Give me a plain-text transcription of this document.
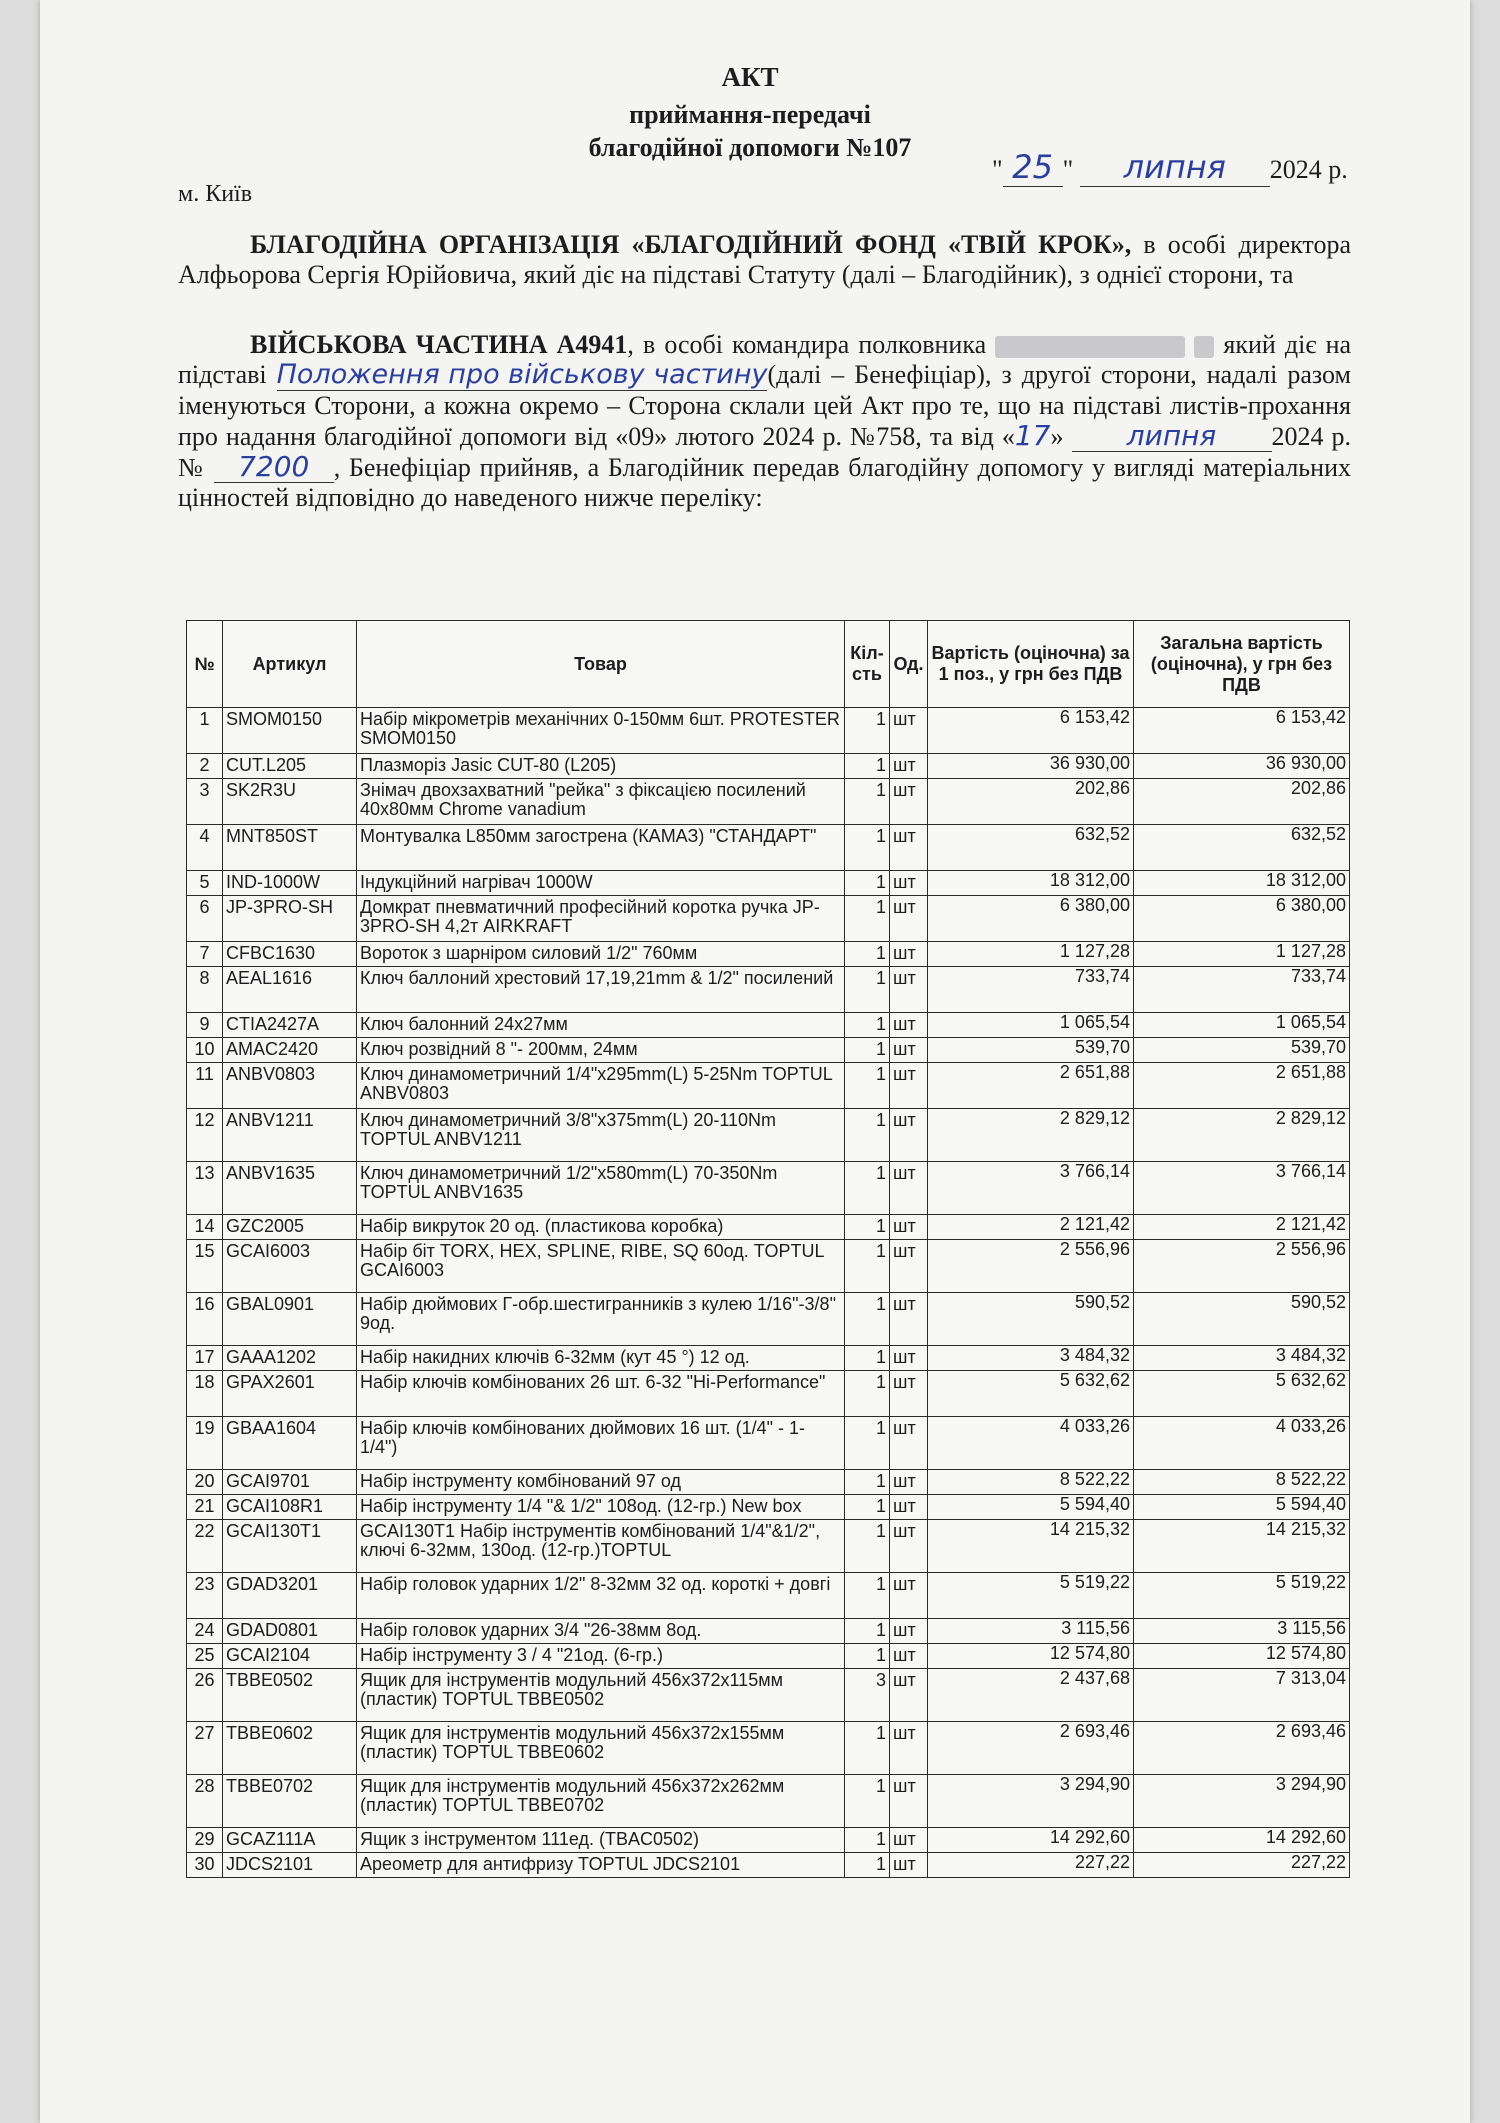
АКТ
приймання-передачі
благодійної допомоги №107
м. Київ
" 25 " липня 2024 р.
БЛАГОДІЙНА ОРГАНІЗАЦІЯ «БЛАГОДІЙНИЙ ФОНД «ТВІЙ КРОК», в особі директора Алфьорова Сергія Юрійовича, який діє на підставі Статуту (далі – Благодійник), з однієї сторони, та
ВІЙСЬКОВА ЧАСТИНА А4941, в особі командира полковника	який діє на підставі Положення про військову частину(далі – Бенефіціар), з другої сторони, надалі разом іменуються Сторони, а кожна окремо – Сторона склали цей Акт про те, що на підставі листів-прохання про надання благодійної допомоги від «09» лютого 2024 р. №758, та від «17» липня 2024 р. № 7200 , Бенефіціар прийняв, а Благодійник передав благодійну допомогу у вигляді матеріальних цінностей відповідно до наведеного нижче переліку:
№	Артикул	Товар	Кіл-сть	Од.	Вартість (оціночна) за 1 поз., у грн без ПДВ	Загальна вартість (оціночна), у грн без ПДВ
1	SMOM0150	Набір мікрометрів механічних 0-150мм 6шт. PROTESTER SMOM0150	1	шт	6 153,42	6 153,42
2	CUT.L205	Плазморіз Jasic CUT-80 (L205)	1	шт	36 930,00	36 930,00
3	SK2R3U	Знімач двохзахватний "рейка" з фіксацією посилений 40x80мм Chrome vanadium	1	шт	202,86	202,86
4	MNT850ST	Монтувалка L850мм загострена (КАМАЗ) "СТАНДАРТ"	1	шт	632,52	632,52
5	IND-1000W	Індукційний нагрівач 1000W	1	шт	18 312,00	18 312,00
6	JP-3PRO-SH	Домкрат пневматичний професійний коротка ручка JP-3PRO-SH 4,2т AIRKRAFT	1	шт	6 380,00	6 380,00
7	CFBC1630	Вороток з шарніром силовий 1/2" 760мм	1	шт	1 127,28	1 127,28
8	AEAL1616	Ключ баллоний хрестовий 17,19,21mm & 1/2" посилений	1	шт	733,74	733,74
9	CTIA2427A	Ключ балонний 24x27мм	1	шт	1 065,54	1 065,54
10	AMAC2420	Ключ розвідний 8 "- 200мм, 24мм	1	шт	539,70	539,70
11	ANBV0803	Ключ динамометричний 1/4"x295mm(L) 5-25Nm TOPTUL ANBV0803	1	шт	2 651,88	2 651,88
12	ANBV1211	Ключ динамометричний 3/8"x375mm(L) 20-110Nm TOPTUL ANBV1211	1	шт	2 829,12	2 829,12
13	ANBV1635	Ключ динамометричний 1/2"x580mm(L) 70-350Nm TOPTUL ANBV1635	1	шт	3 766,14	3 766,14
14	GZC2005	Набір викруток 20 од. (пластикова коробка)	1	шт	2 121,42	2 121,42
15	GCAI6003	Набір біт TORX, HEX, SPLINE, RIBE, SQ 60од. TOPTUL GCAI6003	1	шт	2 556,96	2 556,96
16	GBAL0901	Набір дюймових Г-обр.шестигранників з кулею 1/16"-3/8" 9од.	1	шт	590,52	590,52
17	GAAA1202	Набір накидних ключів 6-32мм (кут 45 °) 12 од.	1	шт	3 484,32	3 484,32
18	GPAX2601	Набір ключів комбінованих 26 шт. 6-32 "Hi-Performance"	1	шт	5 632,62	5 632,62
19	GBAA1604	Набір ключів комбінованих дюймових 16 шт. (1/4" - 1-1/4")	1	шт	4 033,26	4 033,26
20	GCAI9701	Набір інструменту комбінований 97 од	1	шт	8 522,22	8 522,22
21	GCAI108R1	Набір інструменту 1/4 "& 1/2" 108од. (12-гр.) New box	1	шт	5 594,40	5 594,40
22	GCAI130T1	GCAI130T1 Набір інструментів комбінований 1/4"&1/2", ключі 6-32мм, 130од. (12-гр.)TOPTUL	1	шт	14 215,32	14 215,32
23	GDAD3201	Набір головок ударних 1/2" 8-32мм 32 од. короткі + довгі	1	шт	5 519,22	5 519,22
24	GDAD0801	Набір головок ударних 3/4 "26-38мм 8од.	1	шт	3 115,56	3 115,56
25	GCAI2104	Набір інструменту 3 / 4 "21од. (6-гр.)	1	шт	12 574,80	12 574,80
26	TBBE0502	Ящик для інструментів модульний 456x372x115мм (пластик) TOPTUL TBBE0502	3	шт	2 437,68	7 313,04
27	TBBE0602	Ящик для інструментів модульний 456x372x155мм (пластик) TOPTUL TBBE0602	1	шт	2 693,46	2 693,46
28	TBBE0702	Ящик для інструментів модульний 456x372x262мм (пластик) TOPTUL TBBE0702	1	шт	3 294,90	3 294,90
29	GCAZ111A	Ящик з інструментом 111ед. (TBAC0502)	1	шт	14 292,60	14 292,60
30	JDCS2101	Ареометр для антифризу TOPTUL JDCS2101	1	шт	227,22	227,22
